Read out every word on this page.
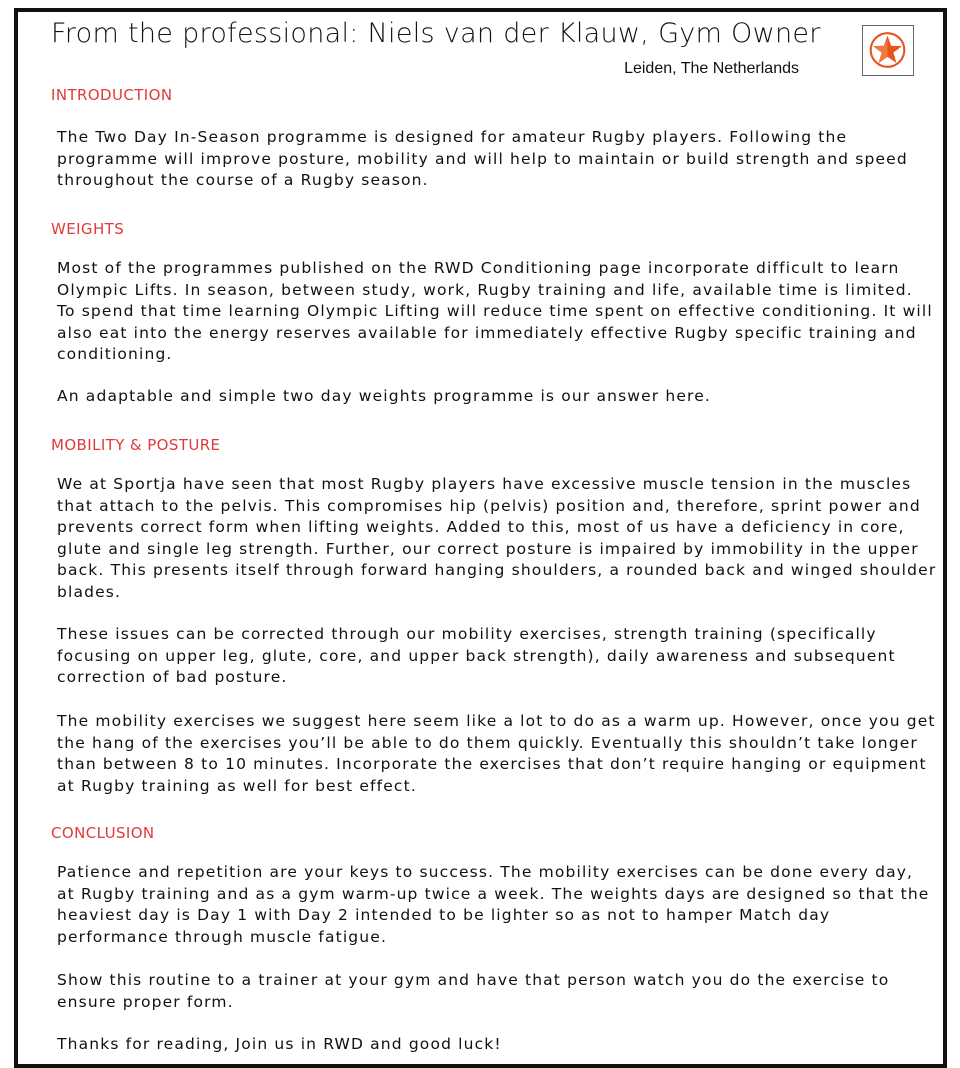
From the professional: Niels van der Klauw, Gym Owner
Leiden, The Netherlands
INTRODUCTION

The Two Day In-Season programme is designed for amateur Rugby players. Following the programme will improve posture, mobility and will help to maintain or build strength and speed throughout the course of a Rugby season.

WEIGHTS

Most of the programmes published on the RWD Conditioning page incorporate difficult to learn Olympic Lifts. In season, between study, work, Rugby training and life, available time is limited. To spend that time learning Olympic Lifting will reduce time spent on effective conditioning. It will also eat into the energy reserves available for immediately effective Rugby specific training and conditioning.

An adaptable and simple two day weights programme is our answer here.

MOBILITY & POSTURE

We at Sportja have seen that most Rugby players have excessive muscle tension in the muscles that attach to the pelvis. This compromises hip (pelvis) position and, therefore, sprint power and prevents correct form when lifting weights. Added to this, most of us have a deficiency in core, glute and single leg strength. Further, our correct posture is impaired by immobility in the upper back. This presents itself through forward hanging shoulders, a rounded back and winged shoulder blades.

These issues can be corrected through our mobility exercises, strength training (specifically focusing on upper leg, glute, core, and upper back strength), daily awareness and subsequent correction of bad posture.

The mobility exercises we suggest here seem like a lot to do as a warm up. However, once you get the hang of the exercises you’ll be able to do them quickly. Eventually this shouldn’t take longer than between 8 to 10 minutes. Incorporate the exercises that don’t require hanging or equipment at Rugby training as well for best effect.

CONCLUSION

Patience and repetition are your keys to success. The mobility exercises can be done every day, at Rugby training and as a gym warm-up twice a week. The weights days are designed so that the heaviest day is Day 1 with Day 2 intended to be lighter so as not to hamper Match day performance through muscle fatigue.

Show this routine to a trainer at your gym and have that person watch you do the exercise to ensure proper form.

Thanks for reading, Join us in RWD and good luck!
